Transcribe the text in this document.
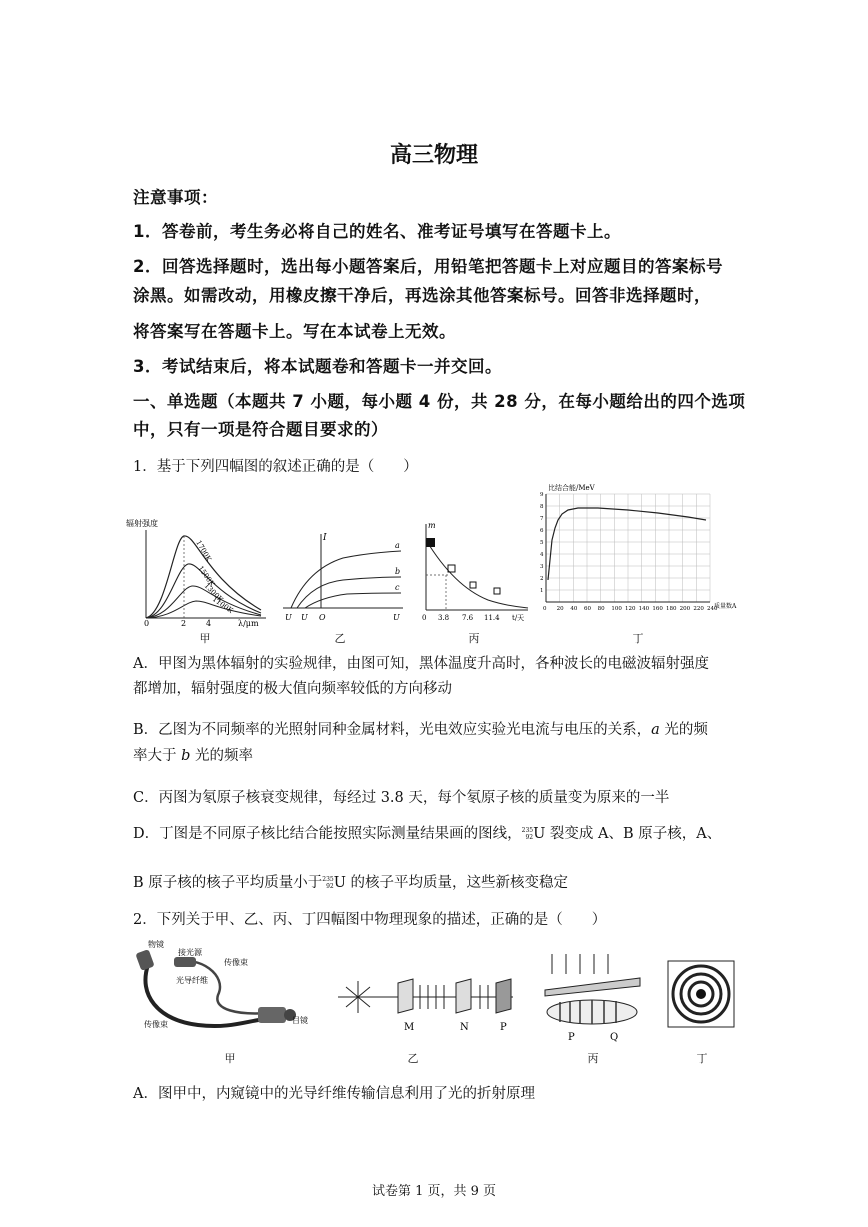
高三物理
注意事项：
1．答卷前，考生务必将自己的姓名、准考证号填写在答题卡上。
2．回答选择题时，选出每小题答案后，用铅笔把答题卡上对应题目的答案标号
涂黑。如需改动，用橡皮擦干净后，再选涂其他答案标号。回答非选择题时，
将答案写在答题卡上。写在本试卷上无效。
3．考试结束后，将本试题卷和答题卡一并交回。
一、单选题（本题共 7 小题，每小题 4 份，共 28 分，在每小题给出的四个选项
中，只有一项是符合题目要求的）
1．基于下列四幅图的叙述正确的是（　　）
辐射强度
1700K
1500K
1300K
1100K
0	2 4	λ/μm
I
a
b
c
U U O	U
m
0 3.8 7.6 11.4 t/天
0 20 40 60 80 100 120 140 160 180 200 220 240
1
2
3
4
5
6
7
8
9
比结合能/MeV
质量数A
甲	乙	丙	丁
A．甲图为黑体辐射的实验规律，由图可知，黑体温度升高时，各种波长的电磁波辐射强度
都增加，辐射强度的极大值向频率较低的方向移动
B．乙图为不同频率的光照射同种金属材料，光电效应实验光电流与电压的关系，a 光的频
率大于 b 光的频率
C．丙图为氡原子核衰变规律，每经过 3.8 天，每个氡原子核的质量变为原来的一半
D．丁图是不同原子核比结合能按照实际测量结果画的图线，235
92U 裂变成 A、B 原子核，A、
B 原子核的核子平均质量小于235
92U 的核子平均质量，这些新核变稳定
2．下列关于甲、乙、丙、丁四幅图中物理现象的描述，正确的是（　　）
物镜
接光源
传像束
光导纤维
传像束	目镜
M	N	P
P	Q
甲	乙	丙	丁
A．图甲中，内窥镜中的光导纤维传输信息利用了光的折射原理
试卷第 1 页，共 9 页
